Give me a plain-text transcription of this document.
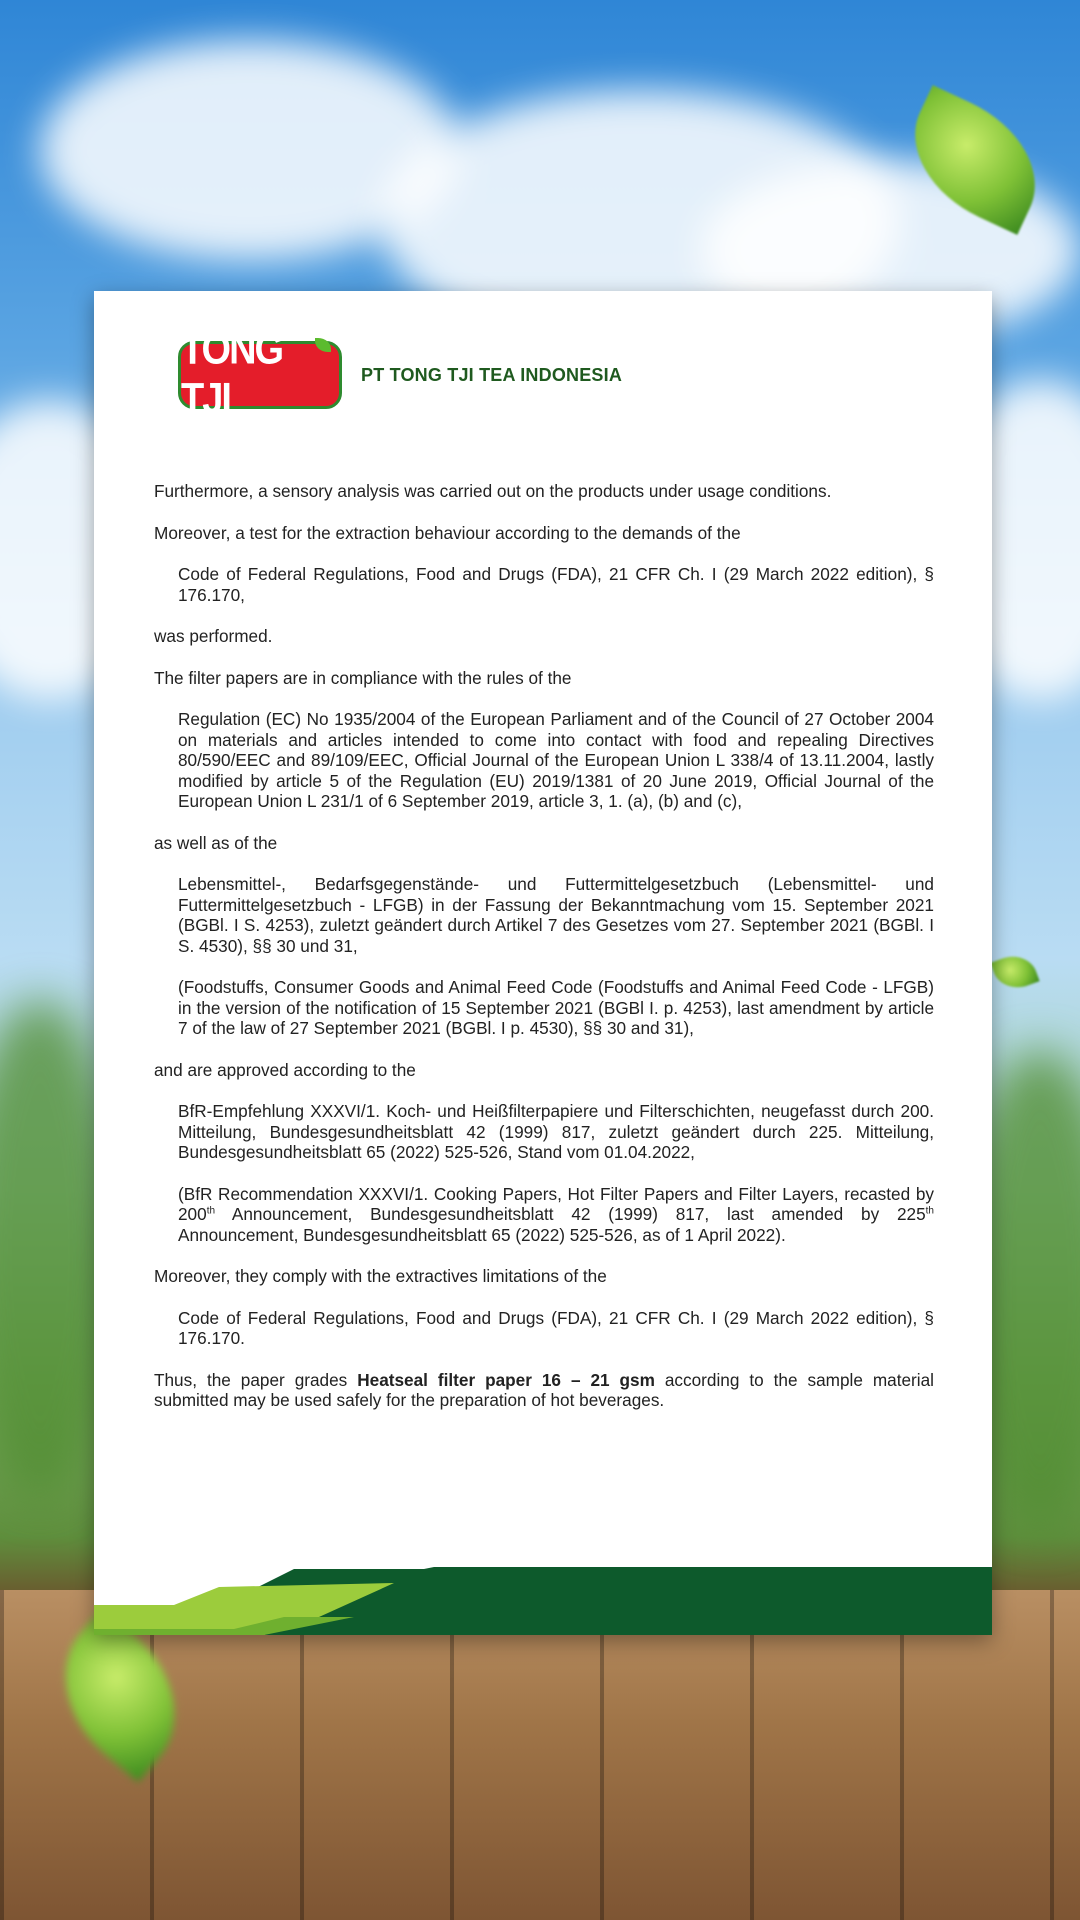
TONG TJI	PT TONG TJI TEA INDONESIA

Furthermore, a sensory analysis was carried out on the products under usage conditions.

Moreover, a test for the extraction behaviour according to the demands of the

Code of Federal Regulations, Food and Drugs (FDA), 21 CFR Ch. I (29 March 2022 edition), § 176.170,

was performed.

The filter papers are in compliance with the rules of the

Regulation (EC) No 1935/2004 of the European Parliament and of the Council of 27 October 2004 on materials and articles intended to come into contact with food and repealing Directives 80/590/EEC and 89/109/EEC, Official Journal of the European Union L 338/4 of 13.11.2004, lastly modified by article 5 of the Regulation (EU) 2019/1381 of 20 June 2019, Official Journal of the European Union L 231/1 of 6 September 2019, article 3, 1. (a), (b) and (c),

as well as of the

Lebensmittel-, Bedarfsgegenstände- und Futtermittelgesetzbuch (Lebensmittel- und Futtermittelgesetzbuch - LFGB) in der Fassung der Bekanntmachung vom 15. September 2021 (BGBl. I S. 4253), zuletzt geändert durch Artikel 7 des Gesetzes vom 27. September 2021 (BGBl. I S. 4530), §§ 30 und 31,

(Foodstuffs, Consumer Goods and Animal Feed Code (Foodstuffs and Animal Feed Code - LFGB) in the version of the notification of 15 September 2021 (BGBl I. p. 4253), last amendment by article 7 of the law of 27 September 2021 (BGBl. I p. 4530), §§ 30 and 31),

and are approved according to the

BfR-Empfehlung XXXVI/1. Koch- und Heißfilterpapiere und Filterschichten, neugefasst durch 200. Mitteilung, Bundesgesundheitsblatt 42 (1999) 817, zuletzt geändert durch 225. Mitteilung, Bundesgesundheitsblatt 65 (2022) 525-526, Stand vom 01.04.2022,

(BfR Recommendation XXXVI/1. Cooking Papers, Hot Filter Papers and Filter Layers, recasted by 200th Announcement, Bundesgesundheitsblatt 42 (1999) 817, last amended by 225th Announcement, Bundesgesundheitsblatt 65 (2022) 525-526, as of 1 April 2022).

Moreover, they comply with the extractives limitations of the

Code of Federal Regulations, Food and Drugs (FDA), 21 CFR Ch. I (29 March 2022 edition), § 176.170.

Thus, the paper grades Heatseal filter paper 16 – 21 gsm according to the sample material submitted may be used safely for the preparation of hot beverages.
